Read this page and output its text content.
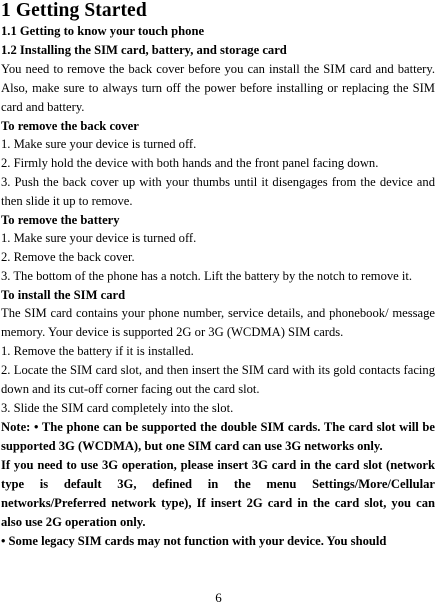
1 Getting Started
1.1 Getting to know your touch phone
1.2 Installing the SIM card, battery, and storage card

You need to remove the back cover before you can install the SIM card and battery. Also, make sure to always turn off the power before installing or replacing the SIM card and battery.

To remove the back cover

1. Make sure your device is turned off.

2. Firmly hold the device with both hands and the front panel facing down.

3. Push the back cover up with your thumbs until it disengages from the device and then slide it up to remove.

To remove the battery

1. Make sure your device is turned off.

2. Remove the back cover.

3. The bottom of the phone has a notch. Lift the battery by the notch to remove it.

To install the SIM card

The SIM card contains your phone number, service details, and phonebook/ message memory. Your device is supported 2G or 3G (WCDMA) SIM cards.

1. Remove the battery if it is installed.

2. Locate the SIM card slot, and then insert the SIM card with its gold contacts facing down and its cut-off corner facing out the card slot.

3. Slide the SIM card completely into the slot.

Note: • The phone can be supported the double SIM cards. The card slot will be supported 3G (WCDMA), but one SIM card can use 3G networks only.

If you need to use 3G operation, please insert 3G card in the card slot (network type is default 3G, defined in the menu Settings/More/Cellular networks/Preferred network type), If insert 2G card in the card slot, you can also use 2G operation only.

• Some legacy SIM cards may not function with your device. You should

6
